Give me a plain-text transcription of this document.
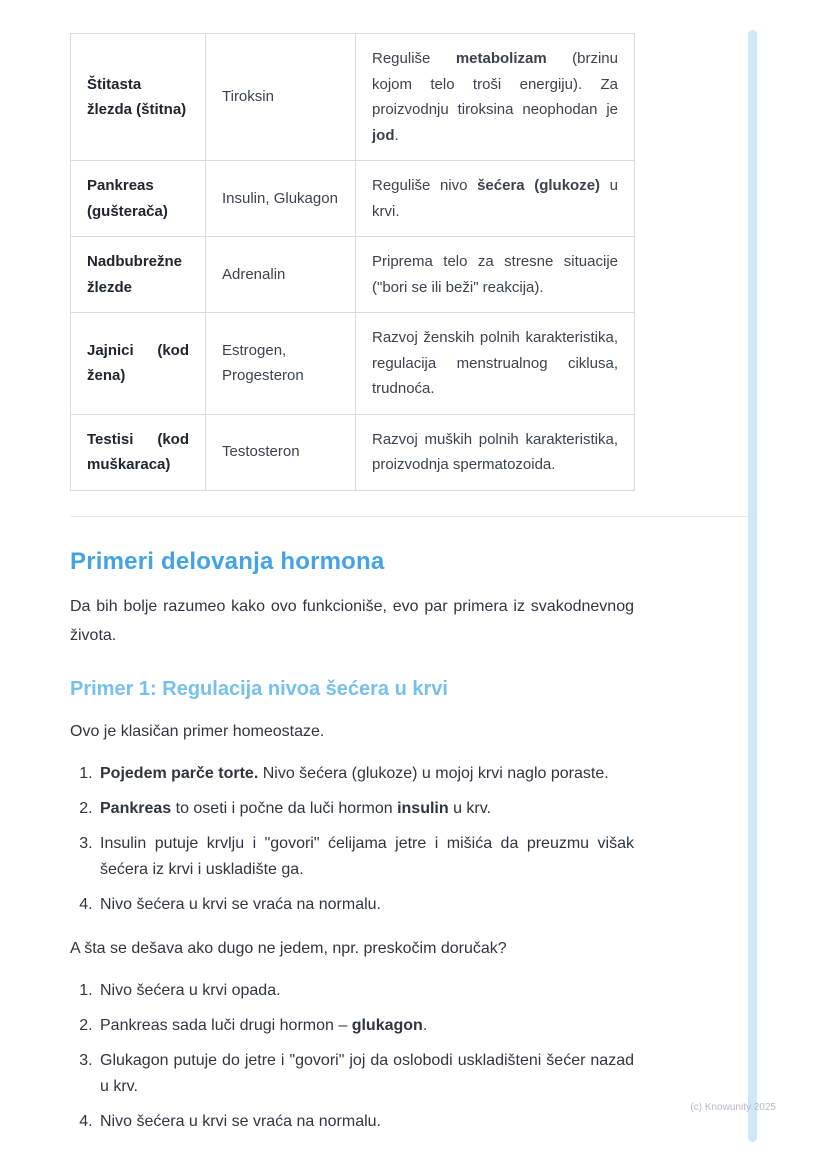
Štitasta žlezda (štitna)	Tiroksin	Reguliše metabolizam (brzinu kojom telo troši energiju). Za proizvodnju tiroksina neophodan je jod.
Pankreas (gušterača)	Insulin, Glukagon	Reguliše nivo šećera (glukoze) u krvi.
Nadbubrežne žlezde	Adrenalin	Priprema telo za stresne situacije ("bori se ili beži" reakcija).
Jajnici (kod žena)	Estrogen, Progesteron	Razvoj ženskih polnih karakteristika, regulacija menstrualnog ciklusa, trudnoća.
Testisi (kod muškaraca)	Testosteron	Razvoj muških polnih karakteristika, proizvodnja spermatozoida.
Primeri delovanja hormona

Da bih bolje razumeo kako ovo funkcioniše, evo par primera iz svakodnevnog života.

Primer 1: Regulacija nivoa šećera u krvi

Ovo je klasičan primer homeostaze.

1. Pojedem parče torte. Nivo šećera (glukoze) u mojoj krvi naglo poraste.
2. Pankreas to oseti i počne da luči hormon insulin u krv.
3. Insulin putuje krvlju i "govori" ćelijama jetre i mišića da preuzmu višak šećera iz krvi i uskladište ga.
4. Nivo šećera u krvi se vraća na normalu.

A šta se dešava ako dugo ne jedem, npr. preskočim doručak?

1. Nivo šećera u krvi opada.
2. Pankreas sada luči drugi hormon – glukagon.
3. Glukagon putuje do jetre i "govori" joj da oslobodi uskladišteni šećer nazad u krv.
4. Nivo šećera u krvi se vraća na normalu.
(c) Knowunity 2025
